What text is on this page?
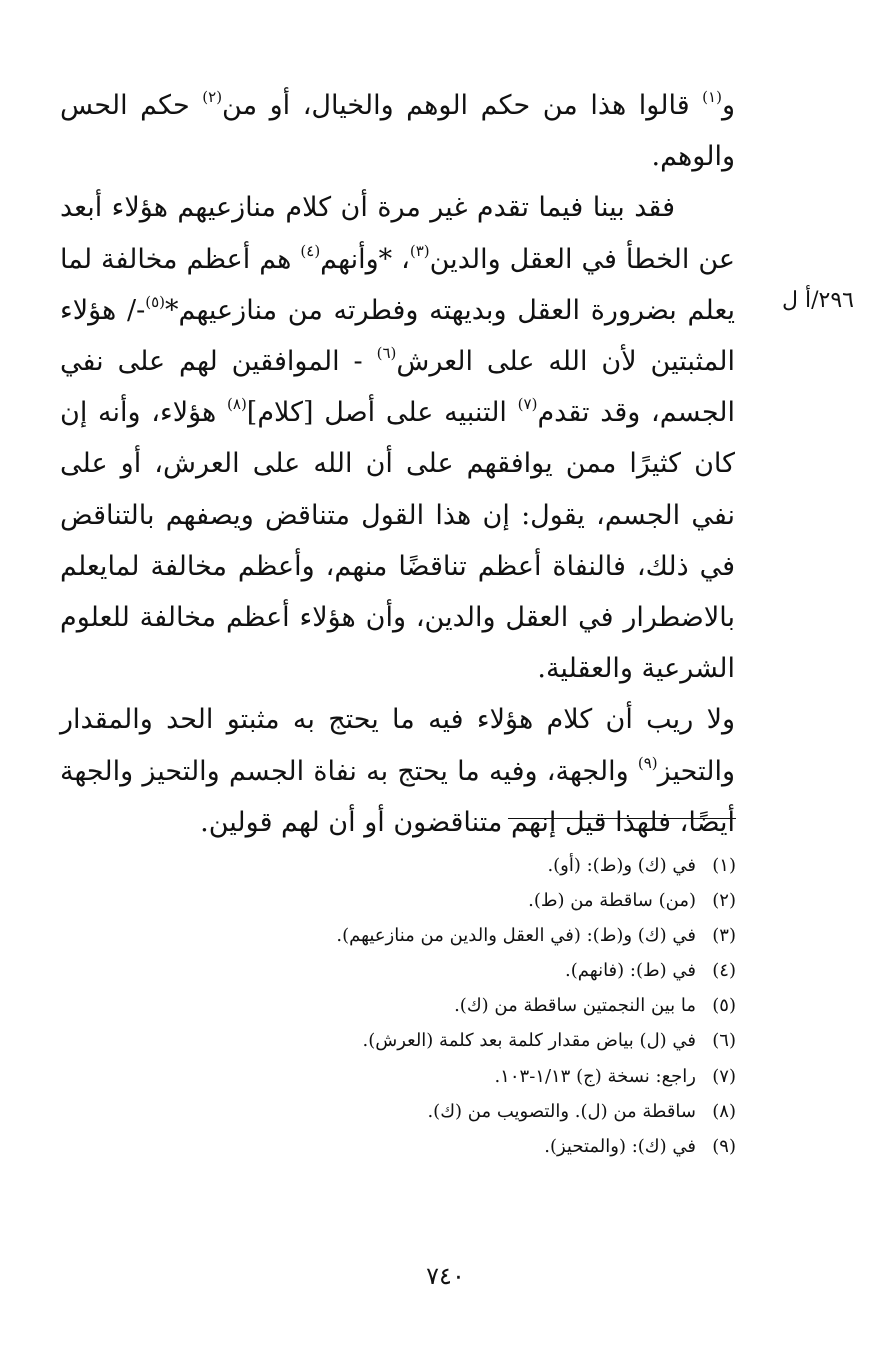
و$^{(١)}$ قالوا هذا من حكم الوهم والخيال، أو من$^{(٢)}$ حكم الحس والوهم.

فقد بينا فيما تقدم غير مرة أن كلام منازعيهم هؤلاء أبعد عن الخطأ في العقل والدين$^{(٣)}$، *وأنهم$^{(٤)}$ هم أعظم مخالفة لما يعلم بضرورة العقل وبديهته وفطرته من منازعيهم*$^{(٥)}$-/ هؤلاء المثبتين لأن الله على العرش$^{(٦)}$ - الموافقين لهم على نفي الجسم، وقد تقدم$^{(٧)}$ التنبيه على أصل [كلام]$^{(٨)}$ هؤلاء، وأنه إن كان كثيرًا ممن يوافقهم على أن الله على العرش، أو على نفي الجسم، يقول: إن هذا القول متناقض ويصفهم بالتناقض في ذلك، فالنفاة أعظم تناقضًا منهم، وأعظم مخالفة لمايعلم بالاضطرار في العقل والدين، وأن هؤلاء أعظم مخالفة للعلوم الشرعية والعقلية.

ولا ريب أن كلام هؤلاء فيه ما يحتج به مثبتو الحد والمقدار والتحيز$^{(٩)}$ والجهة، وفيه ما يحتج به نفاة الجسم والتحيز والجهة أيضًا، فلهذا قيل إنهم متناقضون أو أن لهم قولين.

٢٩٦/أ ل
(١)
في (ك) و(ط): (أو).
(٢)
(من) ساقطة من (ط).
(٣)
في (ك) و(ط): (في العقل والدين من منازعيهم).
(٤)
في (ط): (فانهم).
(٥)
ما بين النجمتين ساقطة من (ك).
(٦)
في (ل) بياض مقدار كلمة بعد كلمة (العرش).
(٧)
راجع: نسخة (ج) ١/١٣-١٠٣.
(٨)
ساقطة من (ل). والتصويب من (ك).
(٩)
في (ك): (والمتحيز).
٧٤٠
